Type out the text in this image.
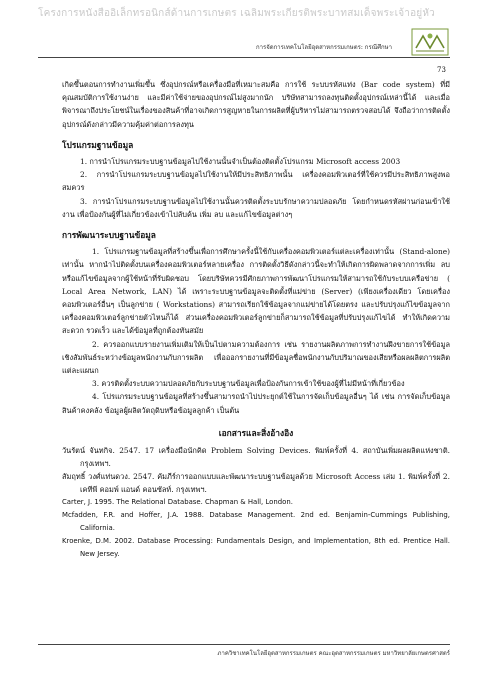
โครงการหนังสืออิเล็กทรอนิกส์ด้านการเกษตร เฉลิมพระเกียรติพระบาทสมเด็จพระเจ้าอยู่หัว
การจัดการเทคโนโลยีอุตสาหกรรมเกษตร: กรณีศึกษา
73

เกิดขึ้นตอนการทำงานเพิ่มขึ้น ซึ่งอุปกรณ์หรือเครื่องมือที่เหมาะสมคือ การใช้ ระบบรหัสแท่ง (Bar code system) ที่มีคุณสมบัติการใช้งานง่าย และมีค่าใช้จ่ายของอุปกรณ์ไม่สูงมากนัก บริษัทสามารถลงทุนติดตั้งอุปกรณ์เหล่านี้ได้ และเมื่อพิจารณาถึงประโยชน์ในเรื่องของสินค้าที่อาจเกิดการสูญหายในการผลิตที่ผู้บริหารไม่สามารถตรวจสอบได้ จึงถือว่าการติดตั้งอุปกรณ์ดังกล่าวมีความคุ้มค่าต่อการลงทุน

โปรแกรมฐานข้อมูล

1. การนำโปรแกรมระบบฐานข้อมูลไปใช้งานนั้นจำเป็นต้องติดตั้งโปรแกรม Microsoft access 2003

2. การนำโปรแกรมระบบฐานข้อมูลไปใช้งานให้มีประสิทธิภาพนั้น เครื่องคอมพิวเตอร์ที่ใช้ควรมีประสิทธิภาพสูงพอสมควร

3. การนำโปรแกรมระบบฐานข้อมูลไปใช้งานนั้นควรติดตั้งระบบรักษาความปลอดภัย โดยกำหนดรหัสผ่านก่อนเข้าใช้งาน เพื่อป้องกันผู้ที่ไม่เกี่ยวข้องเข้าไปลับค้น เพิ่ม ลบ และแก้ไขข้อมูลต่างๆ

การพัฒนาระบบฐานข้อมูล

1. โปรแกรมฐานข้อมูลที่สร้างขึ้นเพื่อการศึกษาครั้งนี้ใช้กับเครื่องคอมพิวเตอร์แต่ละเครื่องเท่านั้น (Stand-alone) เท่านั้น หากนำไปติดตั้งบนเครื่องคอมพิวเตอร์หลายเครื่อง การติดตั้งวิธีดังกล่าวนี้จะทำให้เกิดการผิดพลาดจากการเพิ่ม ลบ หรือแก้ไขข้อมูลจากผู้ใช้หน้าที่รับผิดชอบ โดยบริษัทควรมีศักยภาพการพัฒนาโปรแกรมให้สามารถใช้กับระบบเครือข่าย ( Local Area Network, LAN) ได้ เพราะระบบฐานข้อมูลจะติดตั้งที่แม่ข่าย (Server) (เพียงเครื่องเดียว โดยเครื่องคอมพิวเตอร์อื่นๆ เป็นลูกข่าย ( Workstations) สามารถเรียกใช้ข้อมูลจากแม่ข่ายได้โดยตรง และปรับปรุงแก้ไขข้อมูลจากเครื่องคอมพิวเตอร์ลูกข่ายตัวไหนก็ได้ ส่วนเครื่องคอมพิวเตอร์ลูกข่ายก็สามารถใช้ข้อมูลที่ปรับปรุงแก้ไขได้ ทำให้เกิดความสะดวก รวดเร็ว และได้ข้อมูลที่ถูกต้องทันสมัย

2. ควรออกแบบรายงานเพิ่มเติมให้เป็นไปตามความต้องการ เช่น รายงานผลิตภาพการทำงานฝึงขายการใช้ข้อมูลเชิงสัมพันธ์ระหว่างข้อมูลพนักงานกับการผลิต เพื่อออกรายงานที่มีข้อมูลชื่อพนักงานกับปริมาณของเสียหรือผลผลิตการผลิตแต่ละแผนก

3. ควรติดตั้งระบบความปลอดภัยกับระบบฐานข้อมูลเพื่อป้องกันการเข้าใช้ของผู้ที่ไม่มีหน้าที่เกี่ยวข้อง

4. โปรแกรมระบบฐานข้อมูลที่สร้างขึ้นสามารถนำไปประยุกต์ใช้ในการจัดเก็บข้อมูลอื่นๆ ได้ เช่น การจัดเก็บข้อมูลสินค้าคงคลัง ข้อมูลผู้ผลิตวัตถุดิบหรือข้อมูลลูกค้า เป็นต้น

เอกสารและสิ่งอ้างอิง

วันรัตน์ จันทกิจ. 2547. 17 เครื่องมือนักคิด Problem Solving Devices. พิมพ์ครั้งที่ 4. สถาบันเพิ่มผลผลิตแห่งชาติ. กรุงเทพฯ.

สัมฤทธิ์ วงศ์แท่นดวง. 2547. คัมภีร์การออกแบบและพัฒนาระบบฐานข้อมูลด้วย Microsoft Access เล่ม 1. พิมพ์ครั้งที่ 2. เคทีพี คอมพ์ แอนด์ คอนซัลท์. กรุงเทพฯ.

Carter, J. 1995. The Relational Database. Chapman & Hall, London.

Mcfadden, F.R. and Hoffer, J.A. 1988. Database Management. 2nd ed. Benjamin-Cummings Publishing, California.

Kroenke, D.M. 2002. Database Processing: Fundamentals Design, and Implementation, 8th ed. Prentice Hall. New Jersey.

ภาควิชาเทคโนโลยีอุตสาหกรรมเกษตร คณะอุตสาหกรรมเกษตร มหาวิทยาลัยเกษตรศาสตร์
